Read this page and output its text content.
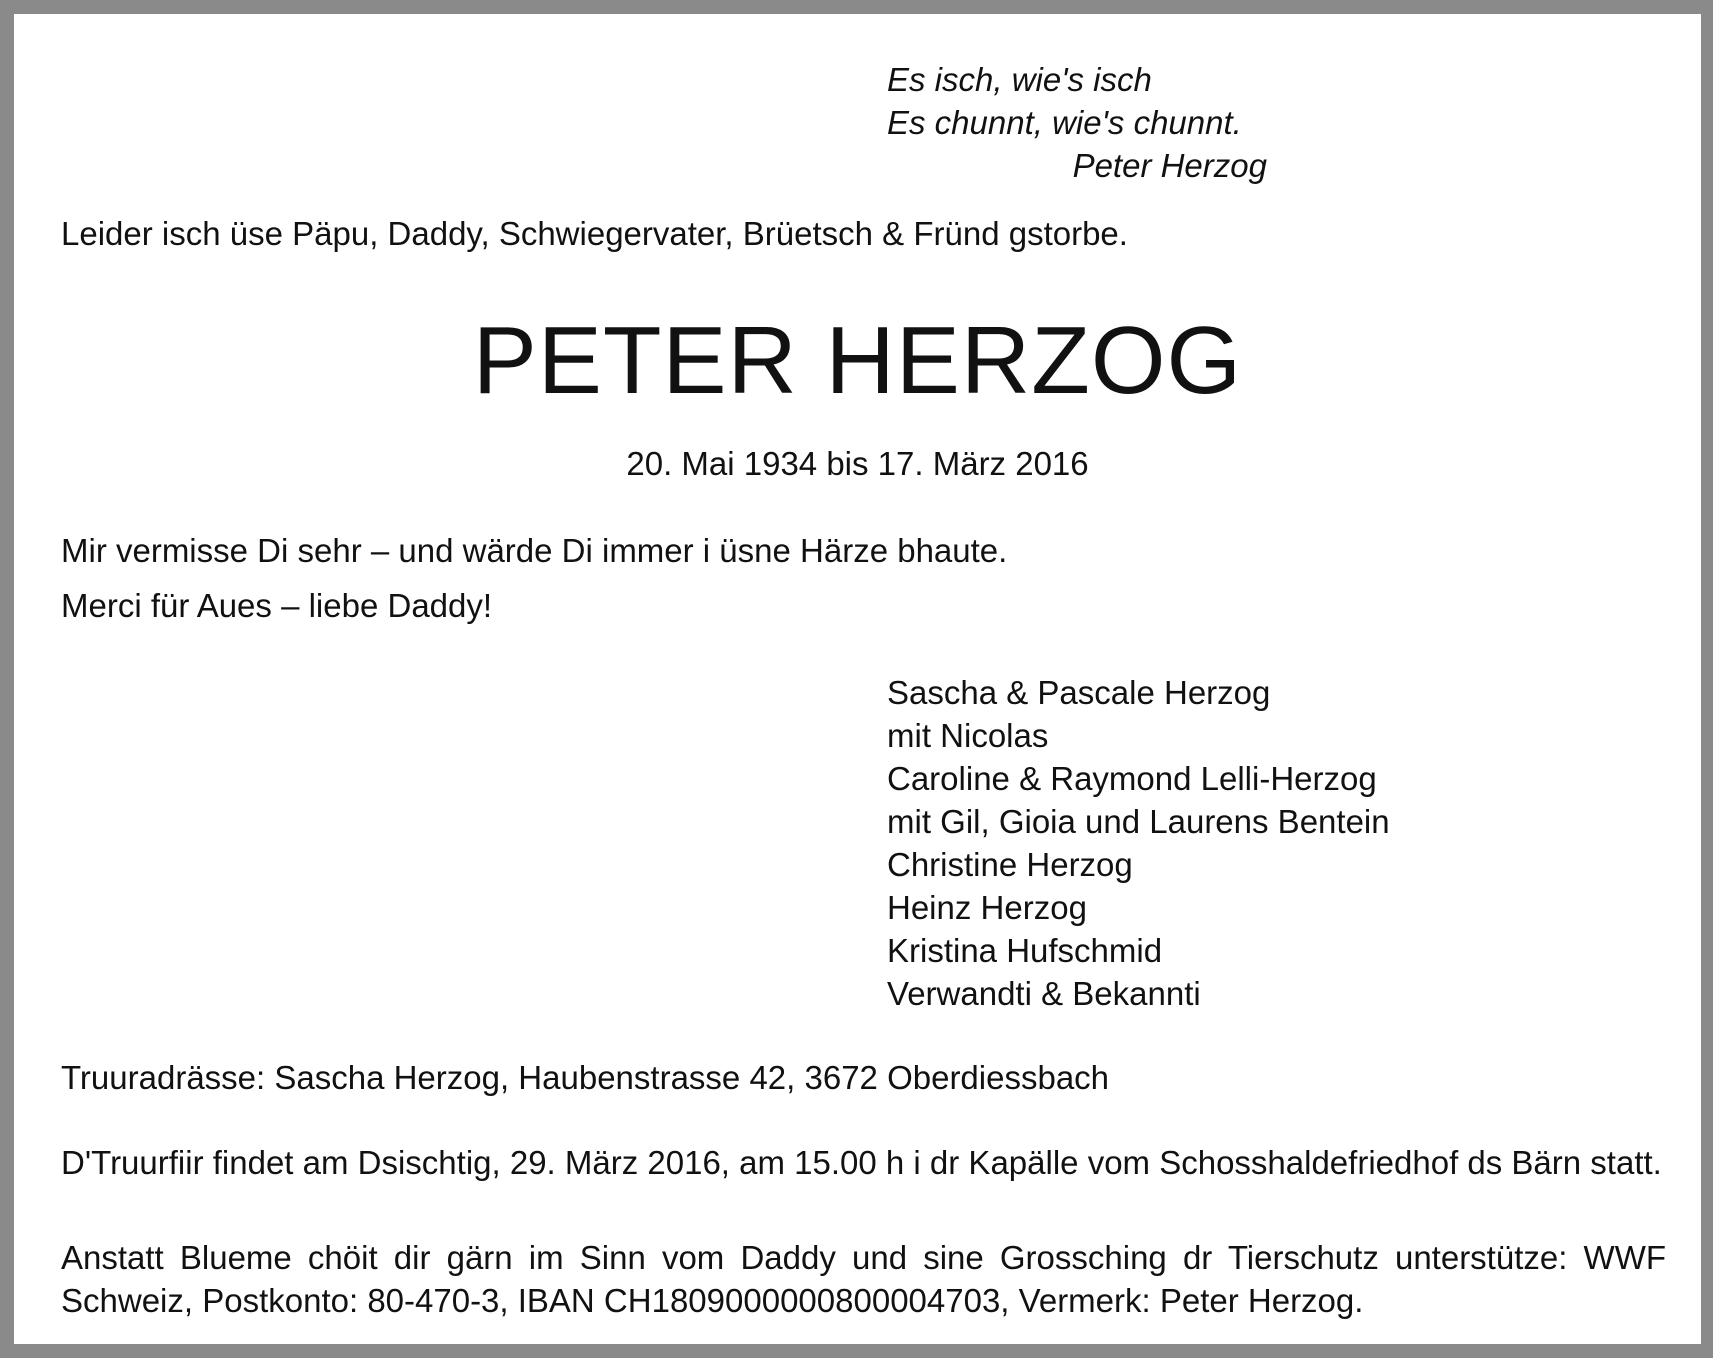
Es isch, wie's isch
Es chunnt, wie's chunnt.
Peter Herzog

Leider isch üse Päpu, Daddy, Schwiegervater, Brüetsch & Fründ gstorbe.

PETER HERZOG
20. Mai 1934 bis 17. März 2016

Mir vermisse Di sehr – und wärde Di immer i üsne Härze bhaute.

Merci für Aues – liebe Daddy!

Sascha & Pascale Herzog
mit Nicolas
Caroline & Raymond Lelli-Herzog
mit Gil, Gioia und Laurens Bentein
Christine Herzog
Heinz Herzog
Kristina Hufschmid
Verwandti & Bekannti

Truuradrässe: Sascha Herzog, Haubenstrasse 42, 3672 Oberdiessbach

D'Truurfiir findet am Dsischtig, 29. März 2016, am 15.00 h i dr Kapälle vom Schosshaldefriedhof ds Bärn statt.

Anstatt Blueme chöit dir gärn im Sinn vom Daddy und sine Grossching dr Tierschutz unterstütze: WWF Schweiz, Postkonto: 80-470-3, IBAN CH1809000000800004703, Vermerk: Peter Herzog.
